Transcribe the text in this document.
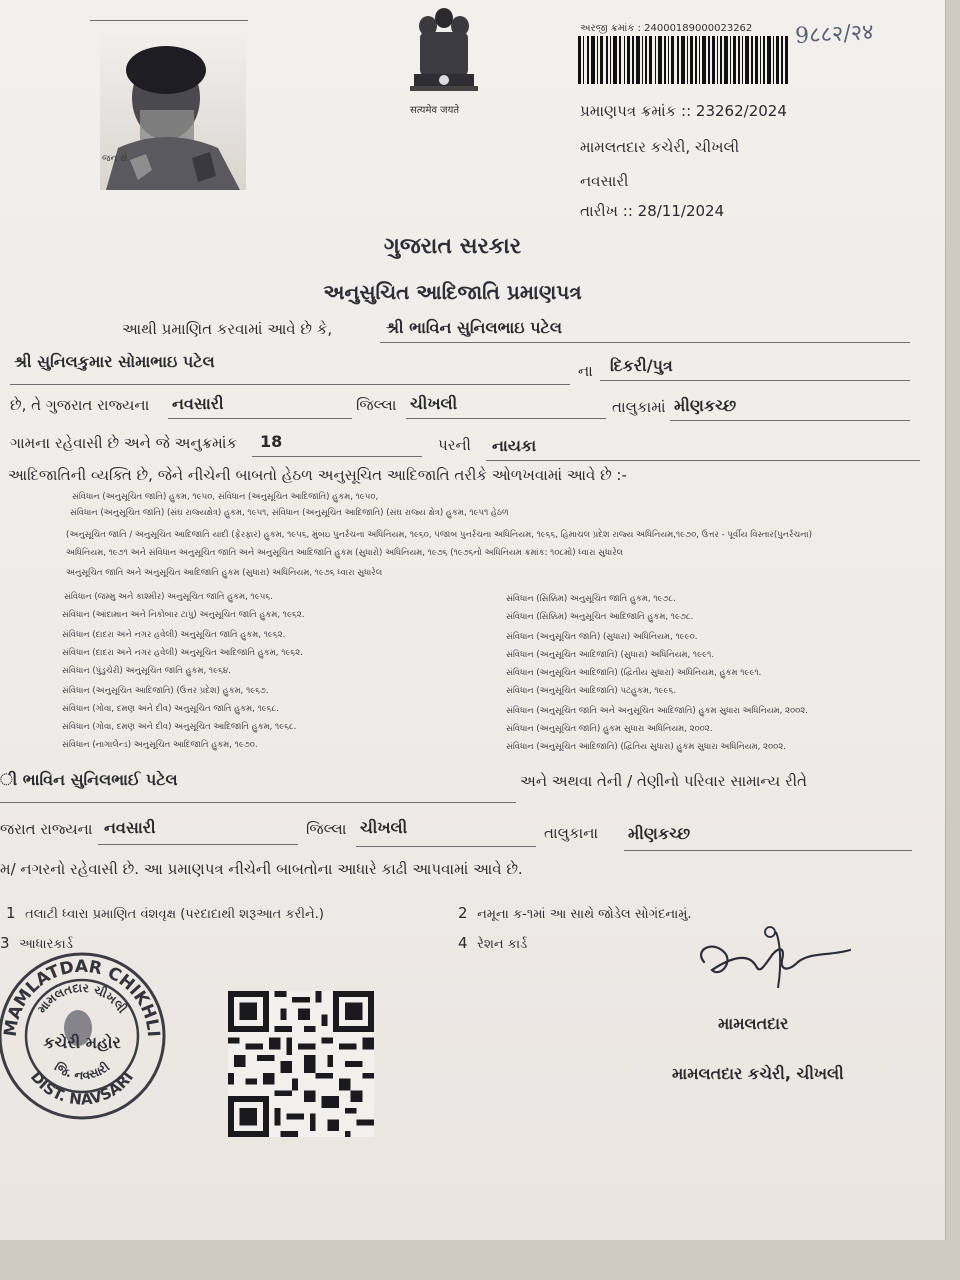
જન સે
सत्यमेव जयते
અરજી ક્રમાંક : 24000189000023262 9८८२/२४
પ્રમાણપત્ર ક્રમાંક :: 23262/2024
મામલતદાર કચેરી, ચીખલી
નવસારી
તારીખ :: 28/11/2024
ગુજરાત સરકાર
અનુસુચિત આદિજાતિ પ્રમાણપત્ર
આથી પ્રમાણિત કરવામાં આવે છે કે,	શ્રી ભાવિન સુનિલભાઇ પટેલ
શ્રી સુનિલકુમાર સોમાભાઇ પટેલ	ના દિકરી/પુત્ર
છે, તે ગુજરાત રાજ્યના નવસારી	જિલ્લા ચીખલી	તાલુકામાં મીણકચ્છ
ગામના રહેવાસી છે અને જે અનુક્રમાંક 18	પરની નાયકા
આદિજાતિની વ્યક્તિ છે, જેને નીચેની બાબતો હેઠળ અનુસૂચિત આદિજાતિ તરીકે ઓળખવામાં આવે છે :-
સંવિધાન (અનુસૂચિત જાતિ) હુકમ, ૧૯૫૦, સંવિધાન (અનુસૂચિત આદિજાતિ) હુકમ, ૧૯૫૦,
સંવિધાન (અનુસૂચિત જાતિ) (સંઘ રાજ્યક્ષેત્ર) હુકમ, ૧૯૫૧, સંવિધાન (અનુસૂચિત આદિજાતિ) (સંઘ રાજ્ય ક્ષેત્ર) હુકમ, ૧૯૫૧ હેઠળ
(અનુસૂચિત જાતિ / અનુસૂચિત આદિજાતિ યાદી (ફેરફાર) હુકમ, ૧૯૫૬, મુંબઇ પુનર્રચના અધિનિયમ, ૧૯૬૦, પંજાબ પુનર્રચના અધિનિયમ, ૧૯૬૬, હિમાચલ પ્રદેશ રાજ્ય અધિનિયમ,૧૯૭૦, ઉત્તર - પૂર્વીય વિસ્તાર(પુનર્રચના)
અધિનિયમ, ૧૯૭૧ અને સંવિધાન અનુસૂચિત જાતિ અને અનુસૂચિત આદિજાતિ હુકમ (સુધારો) અધિનિયમ, ૧૯૭૬ (૧૯૭૬નો અધિનિયમ ક્રમાંક: ૧૦૮મો) ધ્વારા સુધારેલ
અનુસૂચિત જાતિ અને અનુસૂચિત આદિજાતિ હુકમ (સુધારા) અધિનિયમ, ૧૯૭૬ ધ્વારા સુધારેલ
સંવિધાન (જમ્મુ અને કાશ્મીર) અનુસૂચિત જાતિ હુકમ, ૧૯૫૬.
સંવિધાન (આંદામાન અને નિકોબાર ટાપુ) અનુસૂચિત જાતિ હુકમ, ૧૯૬૨.
સંવિધાન (દાદરા અને નગર હવેલી) અનુસૂચિત જાતિ હુકમ, ૧૯૬૨.
સંવિધાન (દાદરા અને નગર હવેલી) અનુસૂચિત આદિજાતિ હુકમ, ૧૯૬૨.
સંવિધાન (પુંડુચેરી) અનુસૂચિત જાતિ હુકમ, ૧૯૬૪.
સંવિધાન (અનુસૂચિત આદિજાતિ) (ઉત્તર પ્રદેશ) હુકમ, ૧૯૬૭.
સંવિધાન (ગોવા, દમણ અને દીવ) અનુસૂચિત જાતિ હુકમ, ૧૯૬૮.
સંવિધાન (ગોવા, દમણ અને દીવ) અનુસૂચિત આદિજાતિ હુકમ, ૧૯૬૮.
સંવિધાન (નાગાલેન્ડ) અનુસૂચિત આદિજાતિ હુકમ, ૧૯૭૦.
સંવિધાન (સિક્કિમ) અનુસૂચિત જાતિ હુકમ, ૧૯૭૮.
સંવિધાન (સિક્કિમ) અનુસૂચિત આદિજાતિ હુકમ, ૧૯૭૮.
સંવિધાન (અનુસૂચિત જાતિ) (સુધારા) અધિનિયમ, ૧૯૯૦.
સંવિધાન (અનુસૂચિત આદિજાતિ) (સુધારા) અધિનિયમ, ૧૯૯૧.
સંવિધાન (અનુસૂચિત આદિજાતિ) (દ્વિતીય સુધારા) અધિનિયમ, હુકમ ૧૯૯૧.
સંવિધાન (અનુસૂચિત આદિજાતિ) પટહુકમ, ૧૯૯૬.
સંવિધાન (અનુસૂચિત જાતિ અને અનુસૂચિત આદિજાતિ) હુકમ સુધારા અધિનિયમ, ૨૦૦૨.
સંવિધાન (અનુસૂચિત જાતિ) હુકમ સુધારા અધિનિયમ, ૨૦૦૨.
સંવિધાન (અનુસૂચિત આદિજાતિ) (દ્વિતિય સુધારા) હુકમ સુધારા અધિનિયમ, ૨૦૦૨.
ી ભાવિન સુનિલભાઈ પટેલ	અને અથવા તેની / તેણીનો પરિવાર સામાન્ય રીતે
જરાત રાજ્યના નવસારી	જિલ્લા ચીખલી	તાલુકાના મીણકચ્છ
મ/ નગરનો રહેવાસી છે. આ પ્રમાણપત્ર નીચેની બાબતોના આધારે કાઢી આપવામાં આવે છે.
1 તલાટી ધ્વારા પ્રમાણિત વંશવૃક્ષ (પરદાદાથી શરૂઆત કરીને.)	2 નમૂના ક-૧માં આ સાથે જોડેલ સોગંદનામું.
3 આધારકાર્ડ	4 રેશન કાર્ડ
MAMLATDAR CHIKHLI
DIST. NAVSARI
મામલતદાર ચીખલી
જિ. નવસારી
કચેરી મહોર
મામલતદાર
મામલતદાર કચેરી, ચીખલી
